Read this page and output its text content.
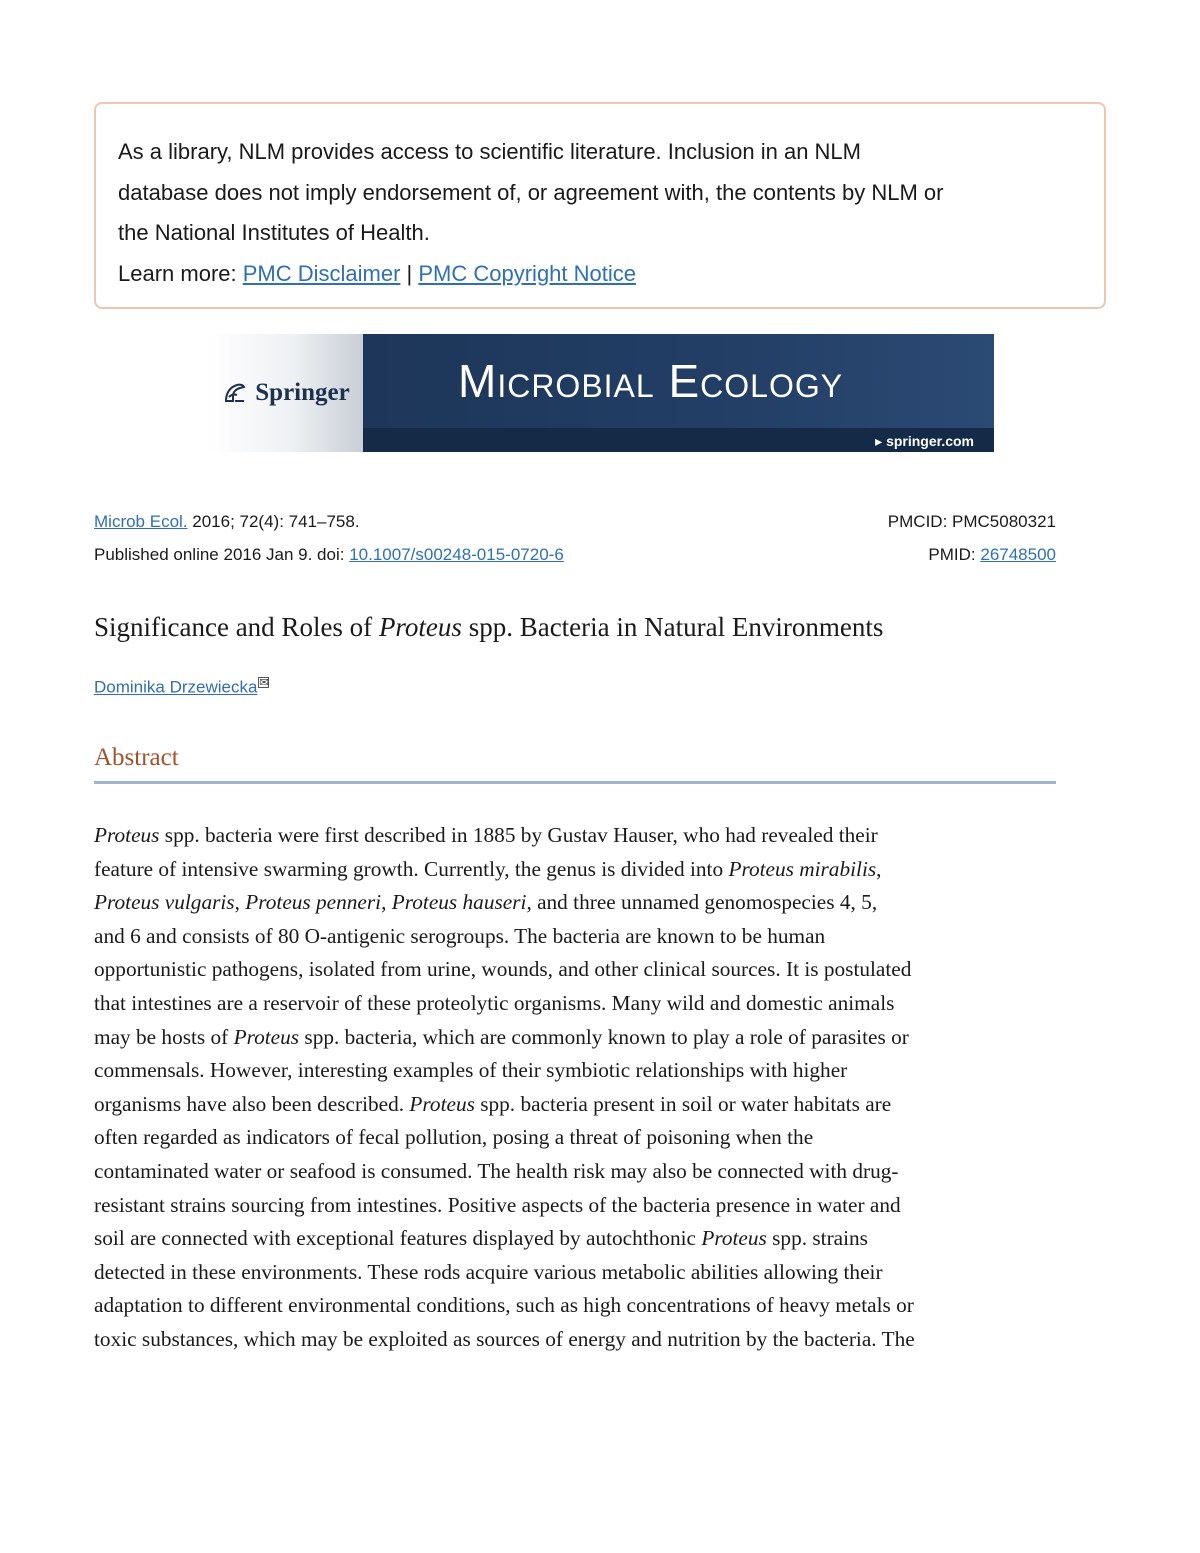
As a library, NLM provides access to scientific literature. Inclusion in an NLM
database does not imply endorsement of, or agreement with, the contents by NLM or
the National Institutes of Health.
Learn more: PMC Disclaimer | PMC Copyright Notice

Springer Microbial Ecology
▸ springer.com
Microb Ecol. 2016; 72(4): 741–758.	PMCID: PMC5080321
Published online 2016 Jan 9. doi: 10.1007/s00248-015-0720-6	PMID: 26748500
Significance and Roles of Proteus spp. Bacteria in Natural Environments
Dominika Drzewiecka ✉
Abstract
Proteus spp. bacteria were first described in 1885 by Gustav Hauser, who had revealed their
feature of intensive swarming growth. Currently, the genus is divided into Proteus mirabilis,
Proteus vulgaris, Proteus penneri, Proteus hauseri, and three unnamed genomospecies 4, 5,
and 6 and consists of 80 O-antigenic serogroups. The bacteria are known to be human
opportunistic pathogens, isolated from urine, wounds, and other clinical sources. It is postulated
that intestines are a reservoir of these proteolytic organisms. Many wild and domestic animals
may be hosts of Proteus spp. bacteria, which are commonly known to play a role of parasites or
commensals. However, interesting examples of their symbiotic relationships with higher
organisms have also been described. Proteus spp. bacteria present in soil or water habitats are
often regarded as indicators of fecal pollution, posing a threat of poisoning when the
contaminated water or seafood is consumed. The health risk may also be connected with drug-
resistant strains sourcing from intestines. Positive aspects of the bacteria presence in water and
soil are connected with exceptional features displayed by autochthonic Proteus spp. strains
detected in these environments. These rods acquire various metabolic abilities allowing their
adaptation to different environmental conditions, such as high concentrations of heavy metals or
toxic substances, which may be exploited as sources of energy and nutrition by the bacteria. The
